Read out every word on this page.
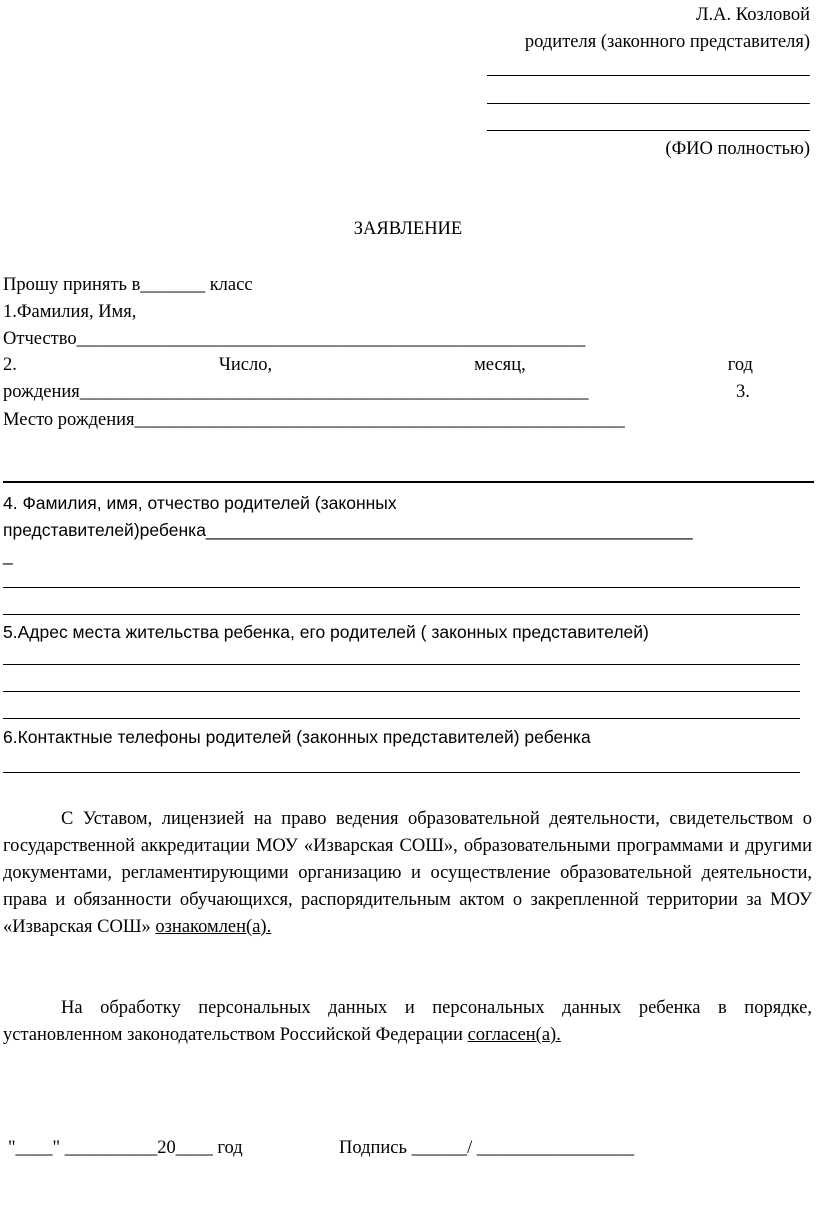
Л.А. Козловой
родителя (законного представителя)
(ФИО полностью)
ЗАЯВЛЕНИЕ
Прошу принять в_______ класс
1.Фамилия, Имя,
Отчество_______________________________________________________
2.	Число,	месяц,	год
рождения_______________________________________________________	3.
Место рождения_____________________________________________________
4. Фамилия, имя, отчество родителей (законных
представителей)ребенка__________________________________________________
_
5.Адрес места жительства ребенка, его родителей ( законных представителей)
6.Контактные телефоны родителей (законных представителей) ребенка
С Уставом, лицензией на право ведения образовательной деятельности, свидетельством о государственной аккредитации МОУ «Изварская СОШ», образовательными программами и другими документами, регламентирующими организацию и осуществление образовательной деятельности, права и обязанности обучающихся, распорядительным актом о закрепленной территории за МОУ «Изварская СОШ» ознакомлен(а).
На обработку персональных данных и персональных данных ребенка в порядке, установленном законодательством Российской Федерации согласен(а).
"____" __________20____ год	Подпись ______/ _________________
